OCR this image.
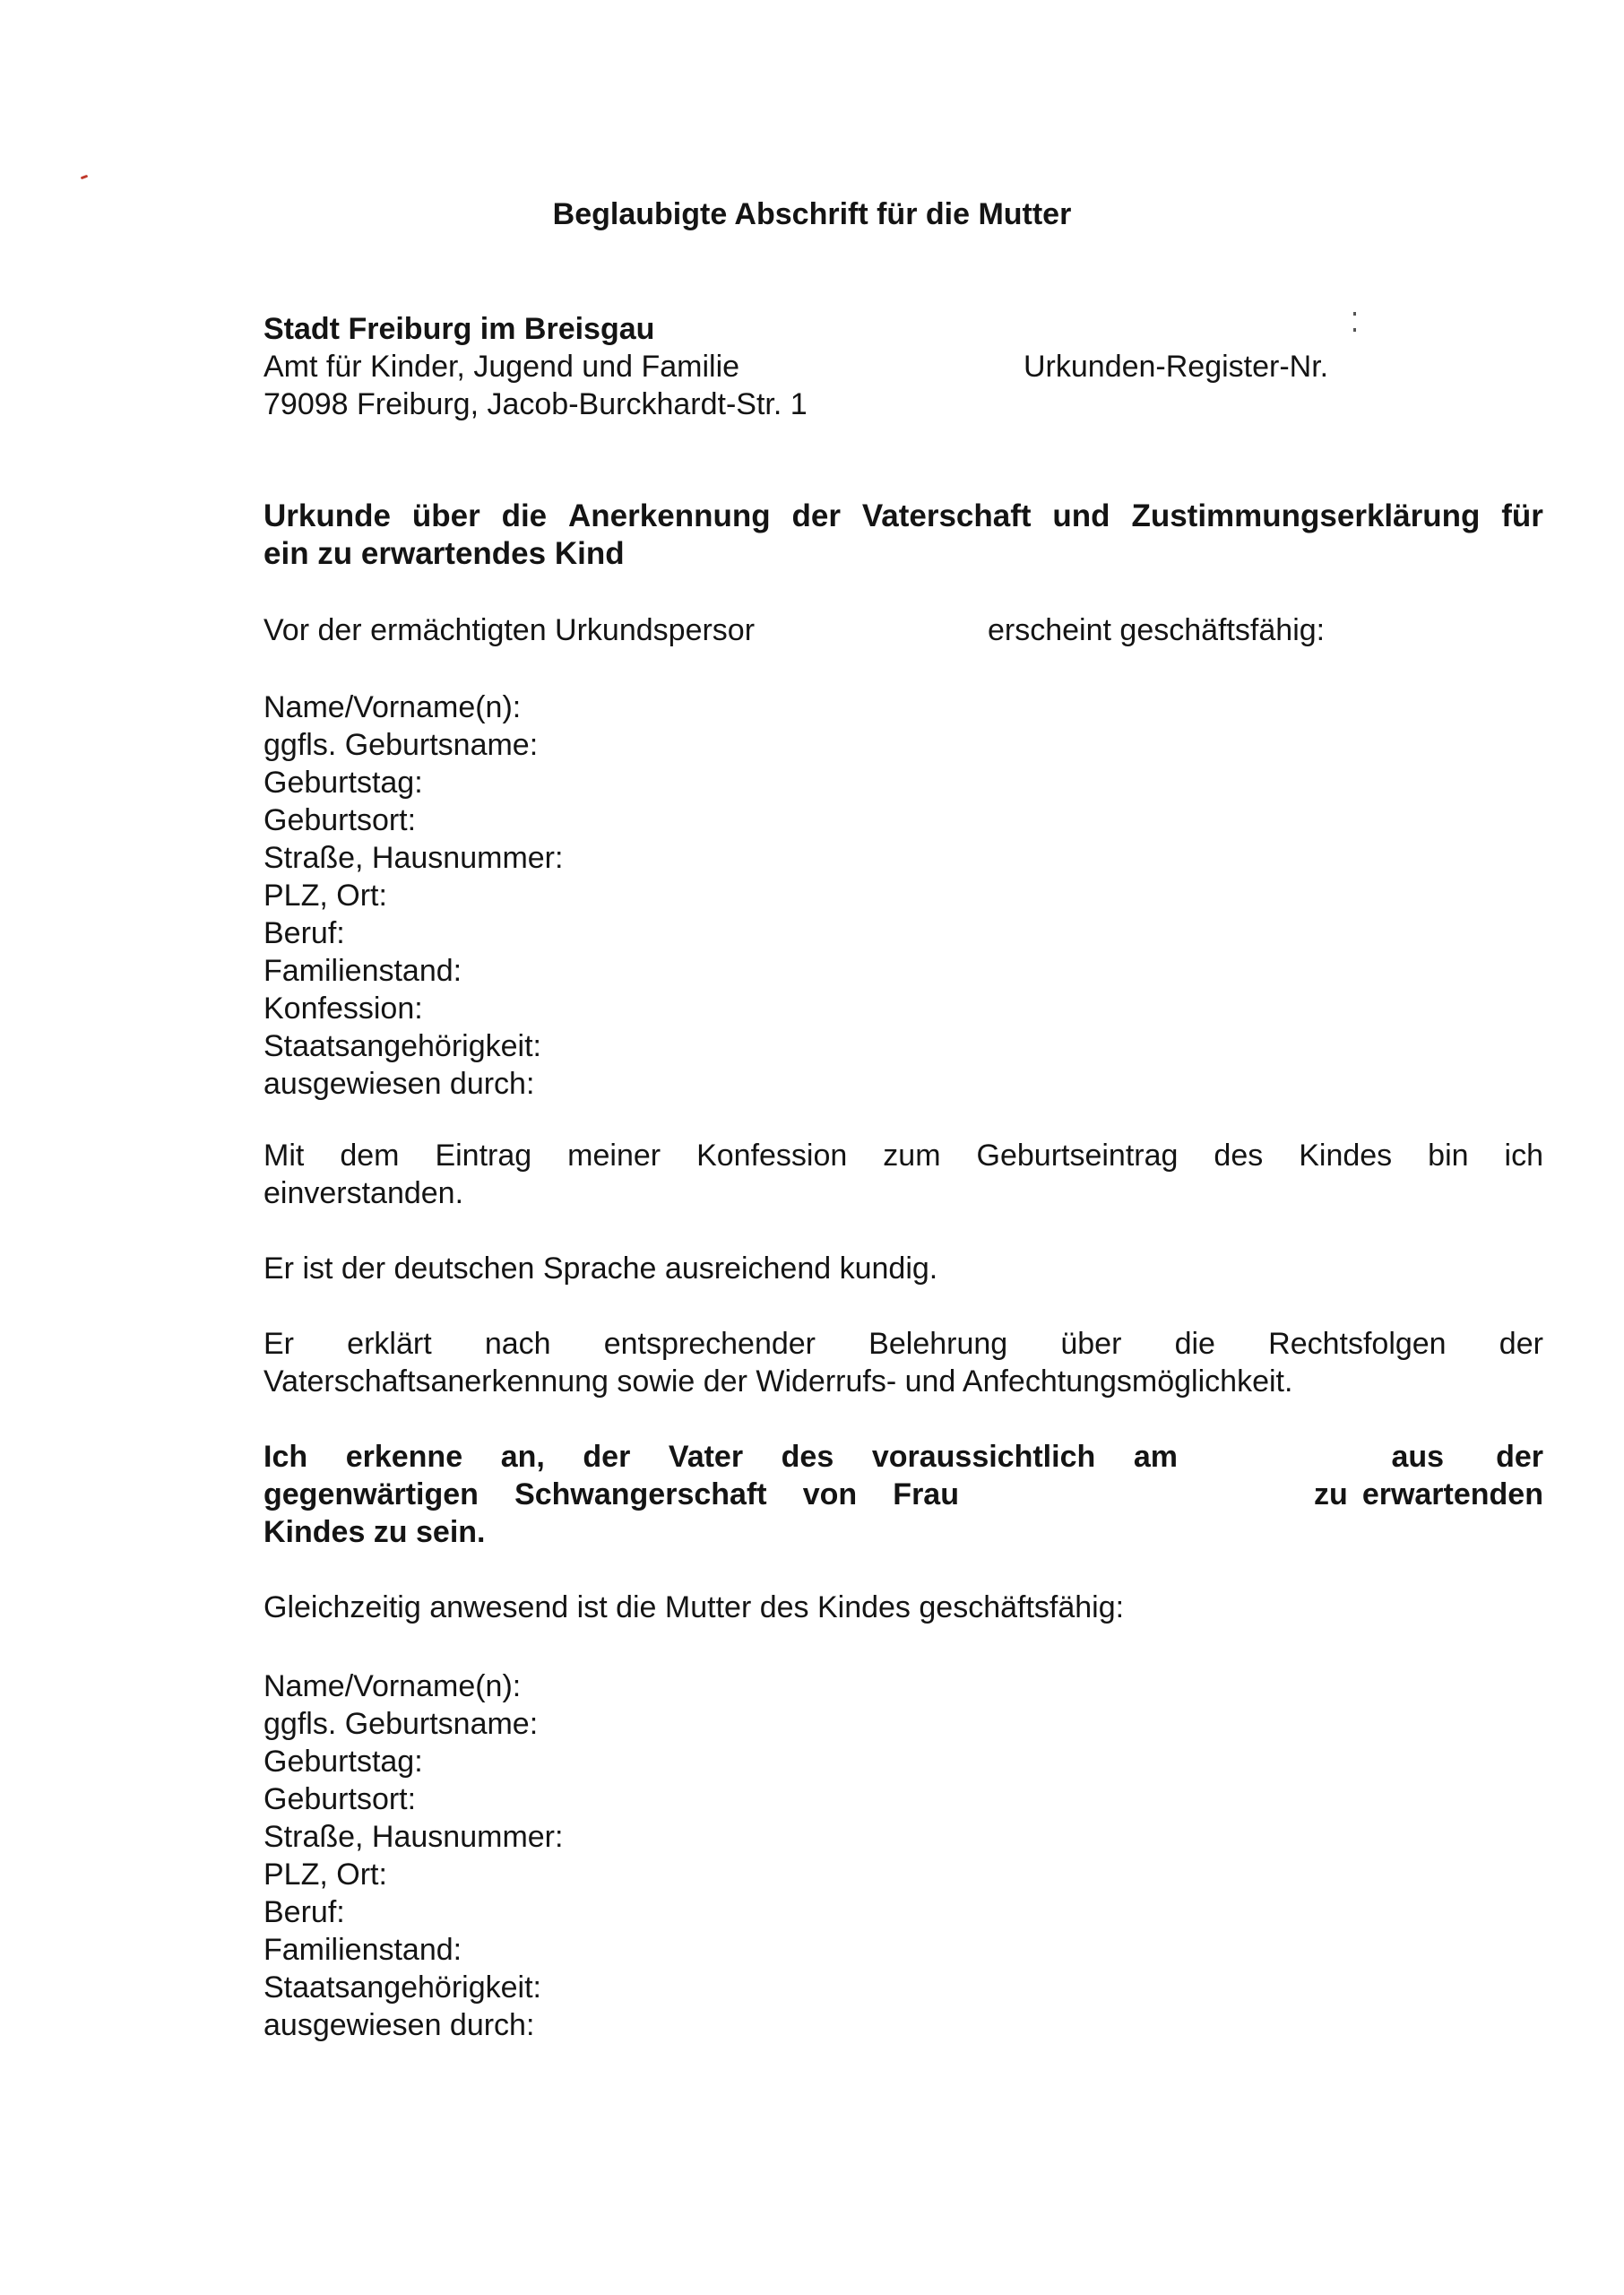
Beglaubigte Abschrift für die Mutter
Stadt Freiburg im Breisgau
Amt für Kinder, Jugend und Familie
79098 Freiburg, Jacob-Burckhardt-Str. 1
Urkunden-Register-Nr.
Urkunde über die Anerkennung der Vaterschaft und Zustimmungserklärung für
ein zu erwartendes Kind
Vor der ermächtigten Urkundspersor	erscheint geschäftsfähig:
Name/Vorname(n):
ggfls. Geburtsname:
Geburtstag:
Geburtsort:
Straße, Hausnummer:
PLZ, Ort:
Beruf:
Familienstand:
Konfession:
Staatsangehörigkeit:
ausgewiesen durch:
Mit dem Eintrag meiner Konfession zum Geburtseintrag des Kindes bin ich
einverstanden.
Er ist der deutschen Sprache ausreichend kundig.
Er erklärt nach entsprechender Belehrung über die Rechtsfolgen der
Vaterschaftsanerkennung sowie der Widerrufs- und Anfechtungsmöglichkeit.
Ich erkenne an, der Vater des voraussichtlich am	aus der
gegenwärtigen Schwangerschaft von Frau	zu erwartenden
Kindes zu sein.
Gleichzeitig anwesend ist die Mutter des Kindes geschäftsfähig:
Name/Vorname(n):
ggfls. Geburtsname:
Geburtstag:
Geburtsort:
Straße, Hausnummer:
PLZ, Ort:
Beruf:
Familienstand:
Staatsangehörigkeit:
ausgewiesen durch:
